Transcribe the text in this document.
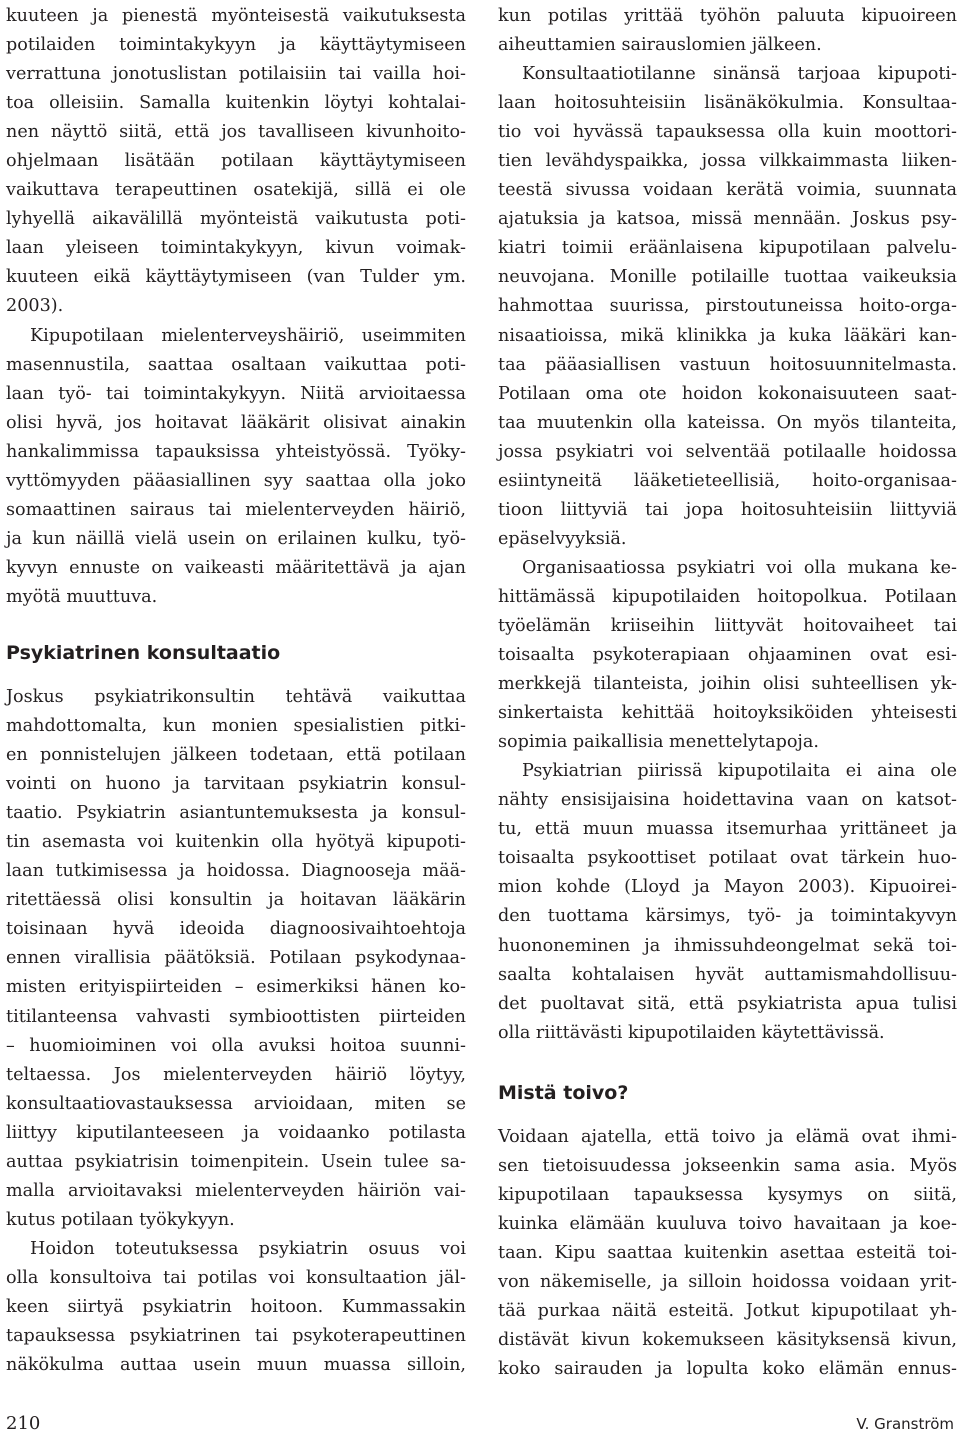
kuuteen ja pienestä myönteisestä vaikutuksesta
potilaiden toimintakykyyn ja käyttäytymiseen
verrattuna jonotuslistan potilaisiin tai vailla hoi-
toa olleisiin. Samalla kuitenkin löytyi kohtalai-
nen näyttö siitä, että jos tavalliseen kivunhoito-
ohjelmaan lisätään potilaan käyttäytymiseen
vaikuttava terapeuttinen osatekijä, sillä ei ole
lyhyellä aikavälillä myönteistä vaikutusta poti-
laan yleiseen toimintakykyyn, kivun voimak-
kuuteen eikä käyttäytymiseen (van Tulder ym.
2003).
Kipupotilaan mielenterveyshäiriö, useimmiten
masennustila, saattaa osaltaan vaikuttaa poti-
laan työ- tai toimintakykyyn. Niitä arvioitaessa
olisi hyvä, jos hoitavat lääkärit olisivat ainakin
hankalimmissa tapauksissa yhteistyössä. Työky-
vyttömyyden pääasiallinen syy saattaa olla joko
somaattinen sairaus tai mielenterveyden häiriö,
ja kun näillä vielä usein on erilainen kulku, työ-
kyvyn ennuste on vaikeasti määritettävä ja ajan
myötä muuttuva.
Psykiatrinen konsultaatio
Joskus psykiatrikonsultin tehtävä vaikuttaa
mahdottomalta, kun monien spesialistien pitki-
en ponnistelujen jälkeen todetaan, että potilaan
vointi on huono ja tarvitaan psykiatrin konsul-
taatio. Psykiatrin asiantuntemuksesta ja konsul-
tin asemasta voi kuitenkin olla hyötyä kipupoti-
laan tutkimisessa ja hoidossa. Diagnooseja mää-
ritettäessä olisi konsultin ja hoitavan lääkärin
toisinaan hyvä ideoida diagnoosivaihtoehtoja
ennen virallisia päätöksiä. Potilaan psykodynaa-
misten erityispiirteiden – esimerkiksi hänen ko-
titilanteensa vahvasti symbioottisten piirteiden
– huomioiminen voi olla avuksi hoitoa suunni-
teltaessa. Jos mielenterveyden häiriö löytyy,
konsultaatiovastauksessa arvioidaan, miten se
liittyy kiputilanteeseen ja voidaanko potilasta
auttaa psykiatrisin toimenpitein. Usein tulee sa-
malla arvioitavaksi mielenterveyden häiriön vai-
kutus potilaan työkykyyn.
Hoidon toteutuksessa psykiatrin osuus voi
olla konsultoiva tai potilas voi konsultaation jäl-
keen siirtyä psykiatrin hoitoon. Kummassakin
tapauksessa psykiatrinen tai psykoterapeuttinen
näkökulma auttaa usein muun muassa silloin,
kun potilas yrittää työhön paluuta kipuoireen
aiheuttamien sairauslomien jälkeen.
Konsultaatiotilanne sinänsä tarjoaa kipupoti-
laan hoitosuhteisiin lisänäkökulmia. Konsultaa-
tio voi hyvässä tapauksessa olla kuin moottori-
tien levähdyspaikka, jossa vilkkaimmasta liiken-
teestä sivussa voidaan kerätä voimia, suunnata
ajatuksia ja katsoa, missä mennään. Joskus psy-
kiatri toimii eräänlaisena kipupotilaan palvelu-
neuvojana. Monille potilaille tuottaa vaikeuksia
hahmottaa suurissa, pirstoutuneissa hoito-orga-
nisaatioissa, mikä klinikka ja kuka lääkäri kan-
taa pääasiallisen vastuun hoitosuunnitelmasta.
Potilaan oma ote hoidon kokonaisuuteen saat-
taa muutenkin olla kateissa. On myös tilanteita,
jossa psykiatri voi selventää potilaalle hoidossa
esiintyneitä lääketieteellisiä, hoito-organisaa-
tioon liittyviä tai jopa hoitosuhteisiin liittyviä
epäselvyyksiä.
Organisaatiossa psykiatri voi olla mukana ke-
hittämässä kipupotilaiden hoitopolkua. Potilaan
työelämän kriiseihin liittyvät hoitovaiheet tai
toisaalta psykoterapiaan ohjaaminen ovat esi-
merkkejä tilanteista, joihin olisi suhteellisen yk-
sinkertaista kehittää hoitoyksiköiden yhteisesti
sopimia paikallisia menettelytapoja.
Psykiatrian piirissä kipupotilaita ei aina ole
nähty ensisijaisina hoidettavina vaan on katsot-
tu, että muun muassa itsemurhaa yrittäneet ja
toisaalta psykoottiset potilaat ovat tärkein huo-
mion kohde (Lloyd ja Mayon 2003). Kipuoirei-
den tuottama kärsimys, työ- ja toimintakyvyn
huononeminen ja ihmissuhdeongelmat sekä toi-
saalta kohtalaisen hyvät auttamismahdollisuu-
det puoltavat sitä, että psykiatrista apua tulisi
olla riittävästi kipupotilaiden käytettävissä.
Mistä toivo?
Voidaan ajatella, että toivo ja elämä ovat ihmi-
sen tietoisuudessa jokseenkin sama asia. Myös
kipupotilaan tapauksessa kysymys on siitä,
kuinka elämään kuuluva toivo havaitaan ja koe-
taan. Kipu saattaa kuitenkin asettaa esteitä toi-
von näkemiselle, ja silloin hoidossa voidaan yrit-
tää purkaa näitä esteitä. Jotkut kipupotilaat yh-
distävät kivun kokemukseen käsityksensä kivun,
koko sairauden ja lopulta koko elämän ennus-
210	V. Granström
